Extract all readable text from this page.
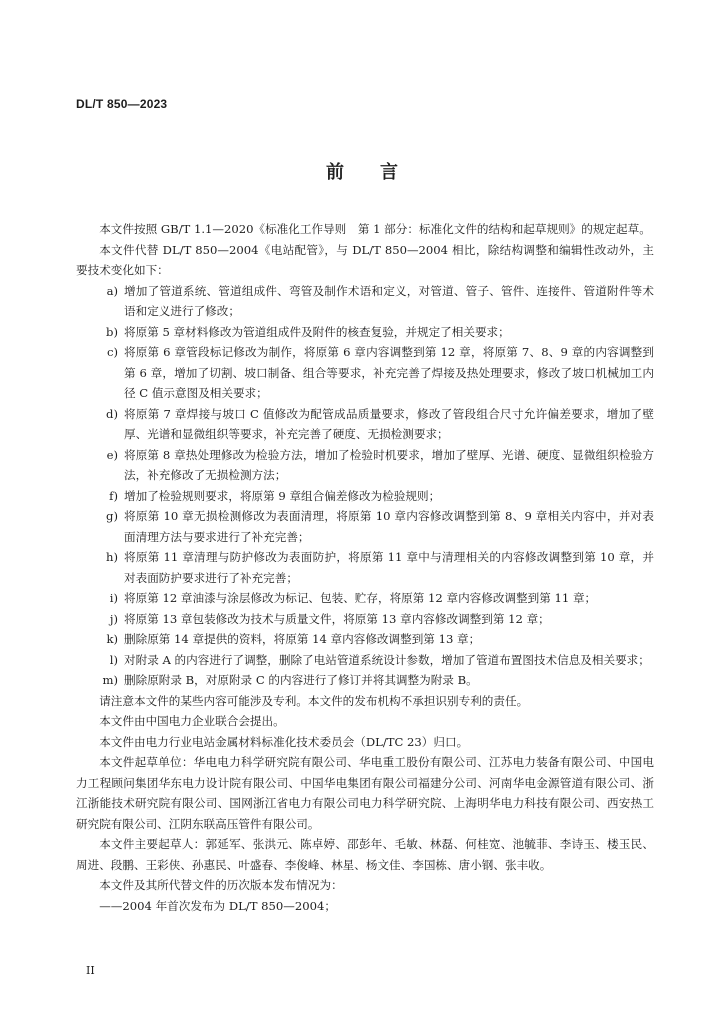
DL/T 850—2023
前言

本文件按照 GB/T 1.1—2020《标准化工作导则　第 1 部分：标准化文件的结构和起草规则》的规定起草。

本文件代替 DL/T 850—2004《电站配管》，与 DL/T 850—2004 相比，除结构调整和编辑性改动外，主要技术变化如下：

a) 增加了管道系统、管道组成件、弯管及制作术语和定义，对管道、管子、管件、连接件、管道附件等术语和定义进行了修改；
b) 将原第 5 章材料修改为管道组成件及附件的核查复验，并规定了相关要求；
c) 将原第 6 章管段标记修改为制作，将原第 6 章内容调整到第 12 章，将原第 7、8、9 章的内容调整到第 6 章，增加了切割、坡口制备、组合等要求，补充完善了焊接及热处理要求，修改了坡口机械加工内径 C 值示意图及相关要求；
d) 将原第 7 章焊接与坡口 C 值修改为配管成品质量要求，修改了管段组合尺寸允许偏差要求，增加了壁厚、光谱和显微组织等要求，补充完善了硬度、无损检测要求；
e) 将原第 8 章热处理修改为检验方法，增加了检验时机要求，增加了壁厚、光谱、硬度、显微组织检验方法，补充修改了无损检测方法；
f) 增加了检验规则要求，将原第 9 章组合偏差修改为检验规则；
g) 将原第 10 章无损检测修改为表面清理，将原第 10 章内容修改调整到第 8、9 章相关内容中，并对表面清理方法与要求进行了补充完善；
h) 将原第 11 章清理与防护修改为表面防护，将原第 11 章中与清理相关的内容修改调整到第 10 章，并对表面防护要求进行了补充完善；
i) 将原第 12 章油漆与涂层修改为标记、包装、贮存，将原第 12 章内容修改调整到第 11 章；
j) 将原第 13 章包装修改为技术与质量文件，将原第 13 章内容修改调整到第 12 章；
k) 删除原第 14 章提供的资料，将原第 14 章内容修改调整到第 13 章；
l) 对附录 A 的内容进行了调整，删除了电站管道系统设计参数，增加了管道布置图技术信息及相关要求；
m) 删除原附录 B，对原附录 C 的内容进行了修订并将其调整为附录 B。

请注意本文件的某些内容可能涉及专利。本文件的发布机构不承担识别专利的责任。

本文件由中国电力企业联合会提出。

本文件由电力行业电站金属材料标准化技术委员会（DL/TC 23）归口。

本文件起草单位：华电电力科学研究院有限公司、华电重工股份有限公司、江苏电力装备有限公司、中国电力工程顾问集团华东电力设计院有限公司、中国华电集团有限公司福建分公司、河南华电金源管道有限公司、浙江浙能技术研究院有限公司、国网浙江省电力有限公司电力科学研究院、上海明华电力科技有限公司、西安热工研究院有限公司、江阴东联高压管件有限公司。

本文件主要起草人：郭延军、张洪元、陈卓婷、邵彭年、毛敏、林磊、何桂宽、池毓菲、李诗玉、楼玉民、周进、段鹏、王彩侠、孙惠民、叶盛春、李俊峰、林星、杨文佳、李国栋、唐小钢、张丰收。

本文件及其所代替文件的历次版本发布情况为：

——2004 年首次发布为 DL/T 850—2004；

II
